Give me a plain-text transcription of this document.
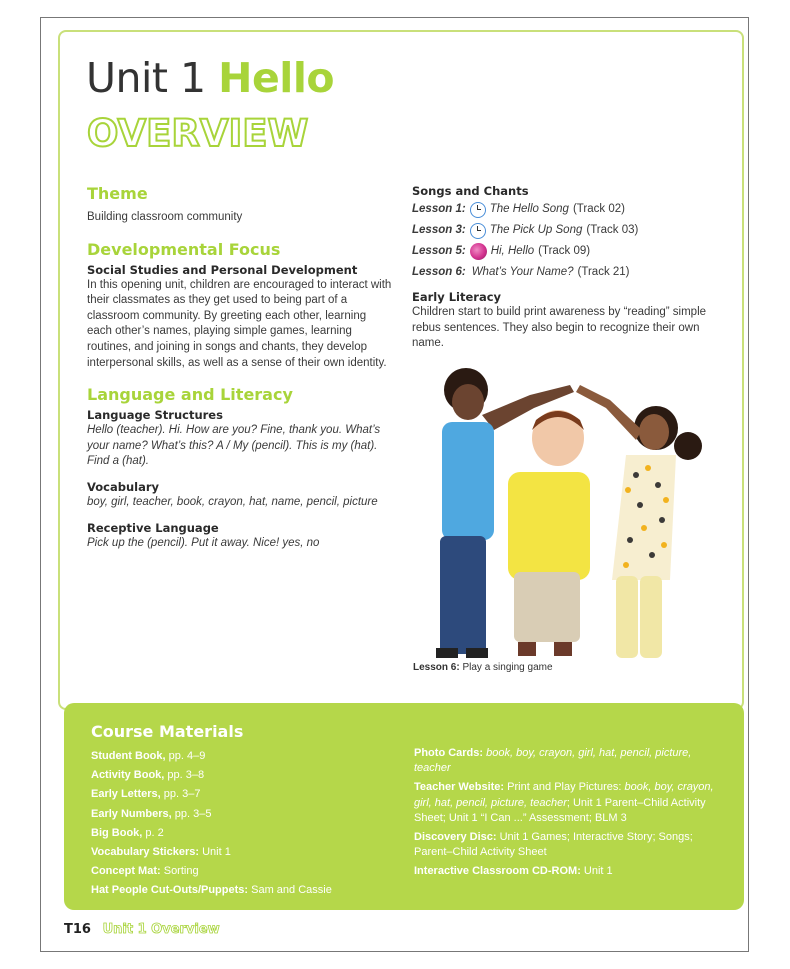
Unit 1 Hello
OVERVIEW
Theme

Building classroom community

Developmental Focus

Social Studies and Personal Development

In this opening unit, children are encouraged to interact with their classmates as they get used to being part of a classroom community. By greeting each other, learning each other’s names, playing simple games, learning routines, and joining in songs and chants, they develop interpersonal skills, as well as a sense of their own identity.

Language and Literacy

Language Structures

Hello (teacher). Hi. How are you? Fine, thank you. What’s your name? What’s this? A / My (pencil). This is my (hat). Find a (hat).

Vocabulary

boy, girl, teacher, book, crayon, hat, name, pencil, picture

Receptive Language

Pick up the (pencil). Put it away. Nice! yes, no

Songs and Chants

Lesson 1: The Hello Song (Track 02)
Lesson 3: The Pick Up Song (Track 03)
Lesson 5: Hi, Hello (Track 09)
Lesson 6: What’s Your Name? (Track 21)

Early Literacy

Children start to build print awareness by “reading” simple rebus sentences. They also begin to recognize their own name.

Lesson 6: Play a singing game
Course Materials

Student Book, pp. 4–9

Activity Book, pp. 3–8

Early Letters, pp. 3–7

Early Numbers, pp. 3–5

Big Book, p. 2

Vocabulary Stickers: Unit 1

Concept Mat: Sorting

Hat People Cut-Outs/Puppets: Sam and Cassie

Photo Cards: book, boy, crayon, girl, hat, pencil, picture, teacher

Teacher Website: Print and Play Pictures: book, boy, crayon, girl, hat, pencil, picture, teacher; Unit 1 Parent–Child Activity Sheet; Unit 1 “I Can ...” Assessment; BLM 3

Discovery Disc: Unit 1 Games; Interactive Story; Songs; Parent–Child Activity Sheet

Interactive Classroom CD-ROM: Unit 1

T16 Unit 1 Overview
